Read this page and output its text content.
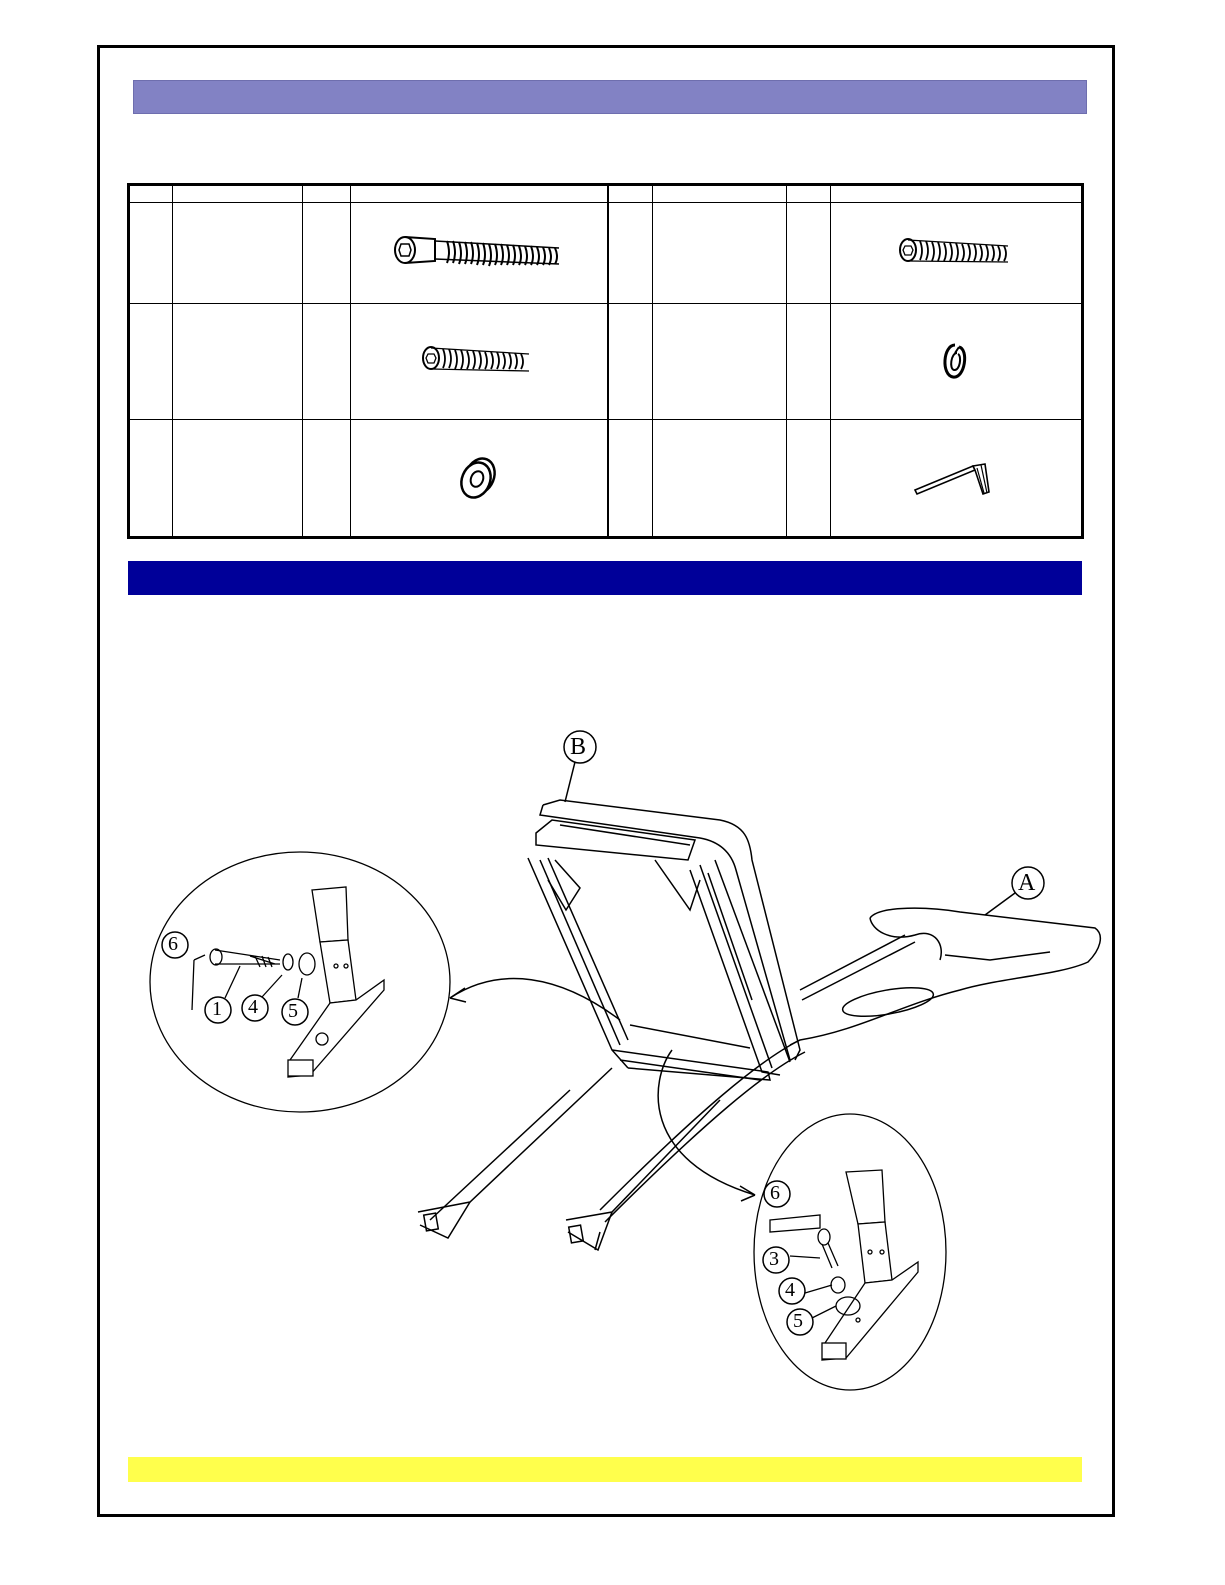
B
A
6
1 4 5
6
3
4
5
